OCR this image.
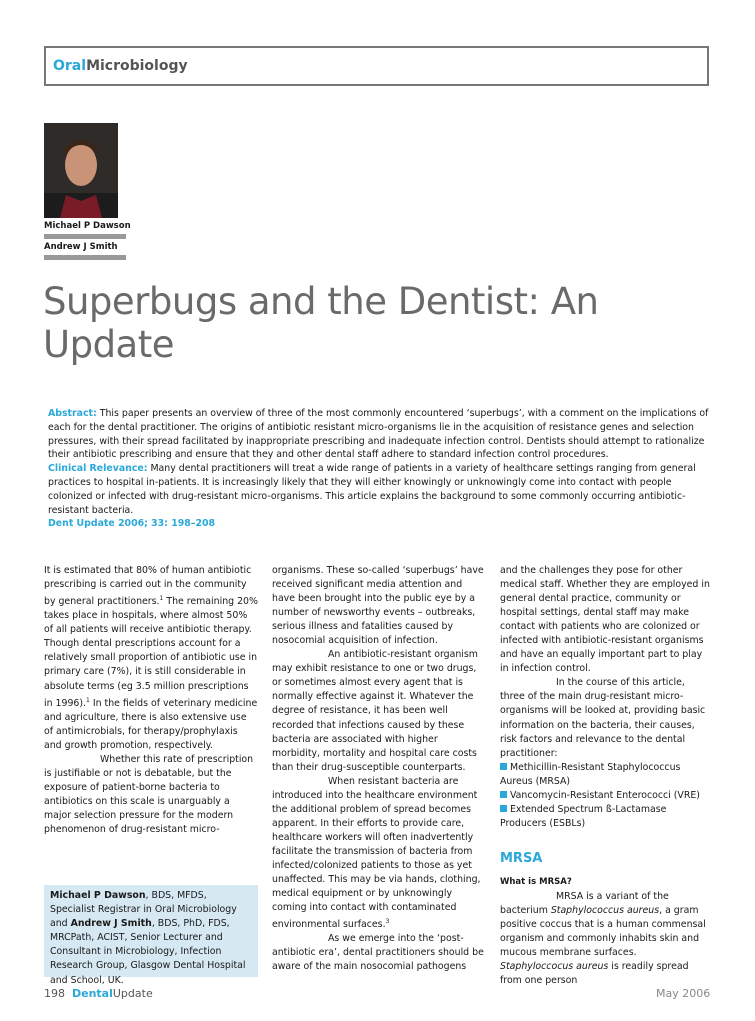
OralMicrobiology
Michael P Dawson
Andrew J Smith
Superbugs and the Dentist: An Update
Abstract: This paper presents an overview of three of the most commonly encountered ‘superbugs’, with a comment on the implications of each for the dental practitioner. The origins of antibiotic resistant micro-organisms lie in the acquisition of resistance genes and selection pressures, with their spread facilitated by inappropriate prescribing and inadequate infection control. Dentists should attempt to rationalize their antibiotic prescribing and ensure that they and other dental staff adhere to standard infection control procedures.
Clinical Relevance: Many dental practitioners will treat a wide range of patients in a variety of healthcare settings ranging from general practices to hospital in-patients. It is increasingly likely that they will either knowingly or unknowingly come into contact with people colonized or infected with drug-resistant micro-organisms. This article explains the background to some commonly occurring antibiotic-resistant bacteria.
Dent Update 2006; 33: 198–208

It is estimated that 80% of human antibiotic prescribing is carried out in the community by general practitioners.$^1$ The remaining 20% takes place in hospitals, where almost 50% of all patients will receive antibiotic therapy. Though dental prescriptions account for a relatively small proportion of antibiotic use in primary care (7%), it is still considerable in absolute terms (eg 3.5 million prescriptions in 1996).$^1$ In the fields of veterinary medicine and agriculture, there is also extensive use of antimicrobials, for therapy/prophylaxis and growth promotion, respectively.

Whether this rate of prescription is justifiable or not is debatable, but the exposure of patient-borne bacteria to antibiotics on this scale is unarguably a major selection pressure for the modern phenomenon of drug-resistant micro-

Michael P Dawson, BDS, MFDS, Specialist Registrar in Oral Microbiology and Andrew J Smith, BDS, PhD, FDS, MRCPath, ACIST, Senior Lecturer and Consultant in Microbiology, Infection Research Group, Glasgow Dental Hospital and School, UK.

organisms. These so-called ‘superbugs’ have received significant media attention and have been brought into the public eye by a number of newsworthy events – outbreaks, serious illness and fatalities caused by nosocomial acquisition of infection.

An antibiotic-resistant organism may exhibit resistance to one or two drugs, or sometimes almost every agent that is normally effective against it. Whatever the degree of resistance, it has been well recorded that infections caused by these bacteria are associated with higher morbidity, mortality and hospital care costs than their drug-susceptible counterparts.

When resistant bacteria are introduced into the healthcare environment the additional problem of spread becomes apparent. In their efforts to provide care, healthcare workers will often inadvertently facilitate the transmission of bacteria from infected/colonized patients to those as yet unaffected. This may be via hands, clothing, medical equipment or by unknowingly coming into contact with contaminated environmental surfaces.$^3$

As we emerge into the ‘post-antibiotic era’, dental practitioners should be aware of the main nosocomial pathogens

and the challenges they pose for other medical staff. Whether they are employed in general dental practice, community or hospital settings, dental staff may make contact with patients who are colonized or infected with antibiotic-resistant organisms and have an equally important part to play in infection control.

In the course of this article, three of the main drug-resistant micro-organisms will be looked at, providing basic information on the bacteria, their causes, risk factors and relevance to the dental practitioner:

Methicillin-Resistant Staphylococcus Aureus (MRSA)

Vancomycin-Resistant Enterococci (VRE)

Extended Spectrum ß-Lactamase Producers (ESBLs)

MRSA
What is MRSA?

MRSA is a variant of the bacterium Staphylococcus aureus, a gram positive coccus that is a human commensal organism and commonly inhabits skin and mucous membrane surfaces. Staphyloccocus aureus is readily spread from one person

198 DentalUpdate	May 2006
